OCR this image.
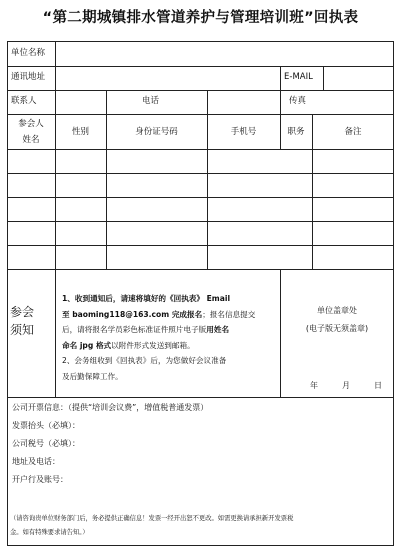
“第二期城镇排水管道养护与管理培训班”回执表
单位名称
通讯地址	E-MAIL
联系人	电话	传真
参会人
姓名
性别	身份证号码	手机号	职务	备注
参会
须知

1、收到通知后，请速将填好的《回执表》 Email

至 baoming118@163.com 完成报名；报名信息提交

后，请将报名学员彩色标准证件照片电子版用姓名

命名 jpg 格式以附件形式发送到邮箱。

2、会务组收到《回执表》后，为您做好会议准备

及后勤保障工作。

单位盖章处
(电子版无须盖章)
年	月	日
公司开票信息：（提供“培训会议费”，增值税普通发票）
发票抬头（必填）：
公司税号（必填）：
地址及电话：
开户行及账号：
（请咨询贵单位财务部门后，务必提供正确信息！发票一经开出恕不更改。如需更换请承担新开发票税
金。如有特殊要求请告知。）
